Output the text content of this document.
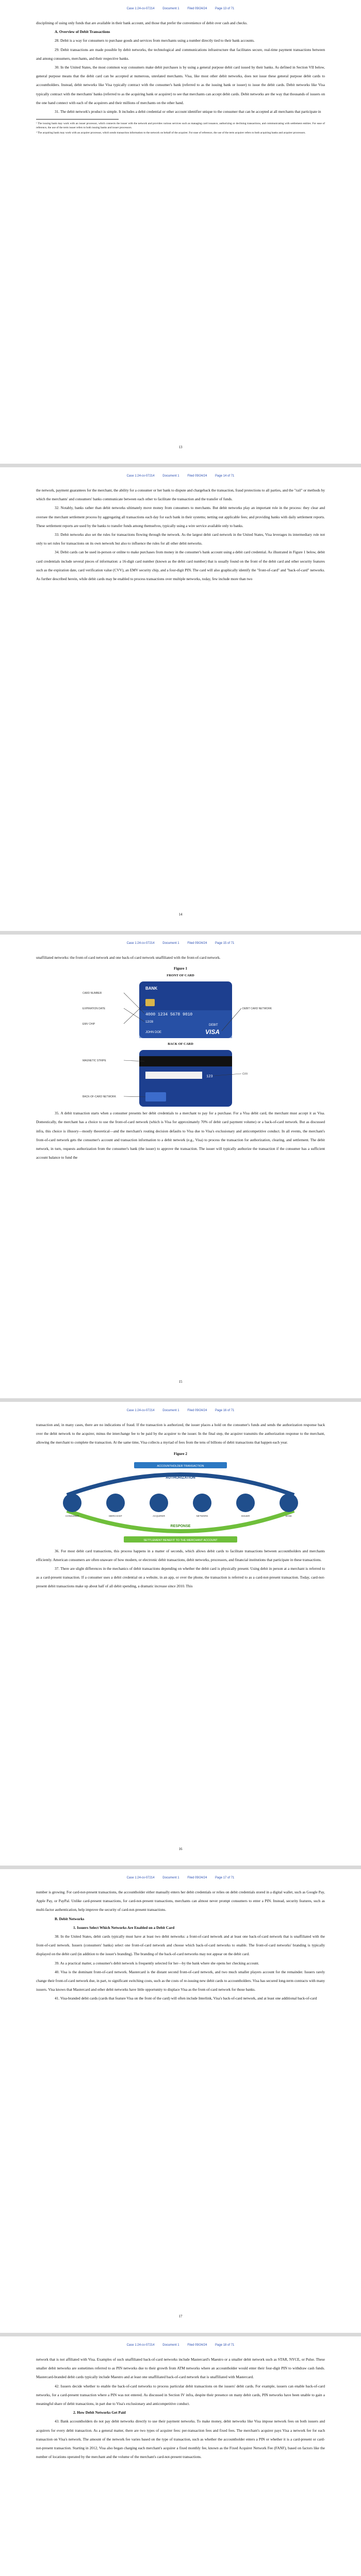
Case 1:24-cv-07214	Document 1	Filed 09/24/24	Page 13 of 71

disciplining of using only funds that are available in their bank account, and those that prefer the convenience of debit over cash and checks.

A. Overview of Debit Transactions

28. Debit is a way for consumers to purchase goods and services from merchants using a number directly tied to their bank accounts.

29. Debit transactions are made possible by debit networks, the technological and communications infrastructure that facilitates secure, real-time payment transactions between and among consumers, merchants, and their respective banks.

30. In the United States, the most common way consumers make debit purchases is by using a general purpose debit card issued by their banks. As defined in Section VII below, general purpose means that the debit card can be accepted at numerous, unrelated merchants. Visa, like most other debit networks, does not issue these general purpose debit cards to accountholders. Instead, debit networks like Visa typically contract with the consumer's bank (referred to as the issuing bank or issuer) to issue the debit cards. Debit networks like Visa typically contract with the merchants' banks (referred to as the acquiring bank or acquirer) to see that merchants can accept debit cards. Debit networks are the way that thousands of issuers on the one hand connect with each of the acquirers and their millions of merchants on the other hand.

31. The debit network's product is simple. It includes a debit credential or other account identifier unique to the consumer that can be accepted at all merchants that participate in

¹ The issuing bank may work with an issuer processor, which connects the issuer with the network and provides various services such as managing card issuance, authorizing or declining transactions, and communicating with settlement entities. For ease of reference, the use of the term issuer refers to both issuing banks and issuer processors.

² The acquiring bank may work with an acquirer processor, which sends transaction information to the network on behalf of the acquirer. For ease of reference, the use of the term acquirer refers to both acquiring banks and acquirer processors.

13
Case 1:24-cv-07214	Document 1	Filed 09/24/24	Page 14 of 71

the network, payment guarantees for the merchant, the ability for a consumer or her bank to dispute and chargeback the transaction, fraud protections to all parties, and the "rail" or methods by which the merchants' and consumers' banks communicate between each other to facilitate the transaction and the transfer of funds.

32. Notably, banks rather than debit networks ultimately move money from consumers to merchants. But debit networks play an important role in the process: they clear and oversee the merchant settlement process by aggregating all transactions each day for each bank in their systems; netting out applicable fees; and providing banks with daily settlement reports. These settlement reports are used by the banks to transfer funds among themselves, typically using a wire service available only to banks.

33. Debit networks also set the rules for transactions flowing through the network. As the largest debit card network in the United States, Visa leverages its intermediary role not only to set rules for transactions on its own network but also to influence the rules for all other debit networks.

34. Debit cards can be used in-person or online to make purchases from money in the consumer's bank account using a debit card credential. As illustrated in Figure 1 below, debit card credentials include several pieces of information: a 16-digit card number (known as the debit card number) that is usually found on the front of the debit card and other security features such as the expiration date, card verification value (CVV), an EMV security chip, and a four-digit PIN. The card will also graphically identify the "front-of-card" and "back-of-card" networks. As further described herein, while debit cards may be enabled to process transactions over multiple networks, today, few include more than two

14
Case 1:24-cv-07214	Document 1	Filed 09/24/24	Page 15 of 71

unaffiliated networks: the front-of-card network and one back-of-card network unaffiliated with the front-of-card network.

Figure 1
FRONT OF CARD
CARD NUMBER
EXPIRATION DATE
EMV CHIP
DEBIT CARD NETWORK
BANK
4000 1234 5678 9010
12/28
JOHN DOE
DEBIT
VISA
BACK OF CARD
MAGNETIC STRIPE
CVV
BACK-OF-CARD NETWORK
123

35. A debit transaction starts when a consumer presents her debit credentials to a merchant to pay for a purchase. For a Visa debit card, the merchant must accept it as Visa. Domestically, the merchant has a choice to use the front-of-card network (which is Visa for approximately 70% of debit card payment volume) or a back-of-card network. But as discussed infra, this choice is illusory—mostly theoretical—and the merchant's routing decision defaults to Visa due to Visa's exclusionary and anticompetitive conduct. In all events, the merchant's front-of-card network gets the consumer's account and transaction information to a debit network (e.g., Visa) to process the transaction for authorization, clearing, and settlement. The debit network, in turn, requests authorization from the consumer's bank (the issuer) to approve the transaction. The issuer will typically authorize the transaction if the consumer has a sufficient account balance to fund the

15
Case 1:24-cv-07214	Document 1	Filed 09/24/24	Page 16 of 71

transaction and, in many cases, there are no indications of fraud. If the transaction is authorized, the issuer places a hold on the consumer's funds and sends the authorization response back over the debit network to the acquirer, minus the interchange fee to be paid by the acquirer to the issuer. In the final step, the acquirer transmits the authorization response to the merchant, allowing the merchant to complete the transaction. At the same time, Visa collects a myriad of fees from the tens of billions of debit transactions that happen each year.

Figure 2
ACCOUNTHOLDER TRANSACTION
AUTHORIZATION
RESPONSE
CONSUMER	MERCHANT	ACQUIRER	NETWORK	ISSUER	BANK
SETTLEMENT BENEFIT TO THE MERCHANT ACCOUNT

36. For most debit card transactions, this process happens in a matter of seconds, which allows debit cards to facilitate transactions between accountholders and merchants efficiently. American consumers are often unaware of how modern, or electronic debit transactions, debit networks, processors, and financial institutions that participate in these transactions.

37. There are slight differences in the mechanics of debit transactions depending on whether the debit card is physically present. Using debit in person at a merchant is referred to as a card-present transaction. If a consumer uses a debit credential on a website, in an app, or over the phone, the transaction is referred to as a card-not-present transaction. Today, card-not-present debit transactions make up about half of all debit spending, a dramatic increase since 2010. This

16
Case 1:24-cv-07214	Document 1	Filed 09/24/24	Page 17 of 71

number is growing. For card-not-present transactions, the accountholder either manually enters her debit credentials or relies on debit credentials stored in a digital wallet, such as Google Pay, Apple Pay, or PayPal. Unlike card-present transactions, for card-not-present transactions, merchants can almost never prompt consumers to enter a PIN. Instead, security features, such as multi-factor authentication, help improve the security of card-not-present transactions.

B. Debit Networks

1. Issuers Select Which Networks Are Enabled on a Debit Card

38. In the United States, debit cards typically must have at least two debit networks: a front-of-card network and at least one back-of-card network that is unaffiliated with the front-of-card network. Issuers (consumers' banks) select one front-of-card network and choose which back-of-card networks to enable. The front-of-card networks' branding is typically displayed on the debit card (in addition to the issuer's branding). The branding of the back-of-card networks may not appear on the debit card.

39. As a practical matter, a consumer's debit network is frequently selected for her—by the bank where she opens her checking account.

40. Visa is the dominant front-of-card network. Mastercard is the distant second front-of-card network, and two much smaller players account for the remainder. Issuers rarely change their front-of-card network due, in part, to significant switching costs, such as the costs of re-issuing new debit cards to accountholders. Visa has secured long-term contracts with many issuers. Visa knows that Mastercard and other debit networks have little opportunity to displace Visa as the front-of-card network for those banks.

41. Visa-branded debit cards (cards that feature Visa on the front of the card) will often include Interlink, Visa's back-of-card network, and at least one additional back-of-card

17
Case 1:24-cv-07214	Document 1	Filed 09/24/24	Page 18 of 71

network that is not affiliated with Visa. Examples of such unaffiliated back-of-card networks include Mastercard's Maestro or a smaller debit network such as STAR, NYCE, or Pulse. These smaller debit networks are sometimes referred to as PIN networks due to their growth from ATM networks where an accountholder would enter their four-digit PIN to withdraw cash funds. Mastercard-branded debit cards typically include Maestro and at least one unaffiliated back-of-card network that is unaffiliated with Mastercard.

42. Issuers decide whether to enable the back-of-card networks to process particular debit transactions on the issuers' debit cards. For example, issuers can enable back-of-card networks, for a card-present transaction where a PIN was not entered. As discussed in Section IV infra, despite their presence on many debit cards, PIN networks have been unable to gain a meaningful share of debit transactions, in part due to Visa's exclusionary and anticompetitive conduct.

2. How Debit Networks Get Paid

43. Bank accountholders do not pay debit networks directly to use their payment networks. To make money, debit networks like Visa impose network fees on both issuers and acquirers for every debit transaction. As a general matter, there are two types of acquirer fees: per-transaction fees and fixed fees. The merchant's acquirer pays Visa a network fee for each transaction on Visa's network. The amount of the network fee varies based on the type of transaction, such as whether the accountholder enters a PIN or whether it is a card-present or card-not-present transaction. Starting in 2012, Visa also began charging each merchant's acquirer a fixed monthly fee, known as the Fixed Acquirer Network Fee (FANF), based on factors like the number of locations operated by the merchant and the volume of the merchant's card-not-present transactions.
